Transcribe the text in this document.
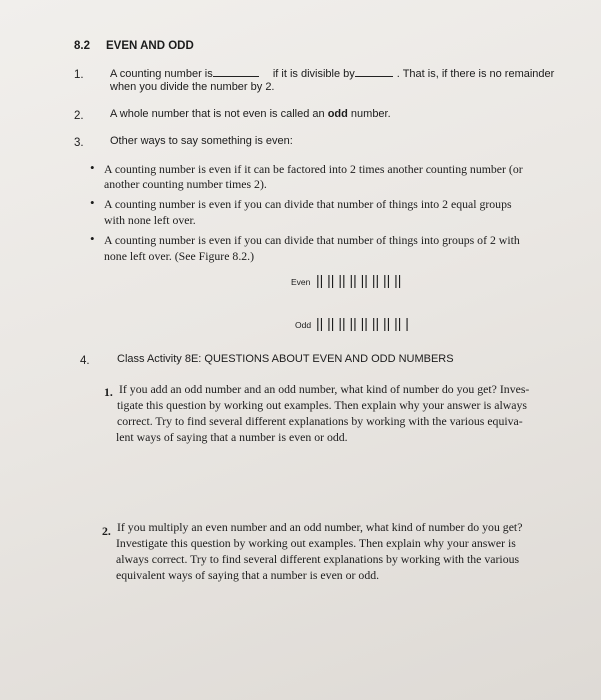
8.2 EVEN AND ODD
1. A counting number is	if it is divisible by	. That is, if there is no remainder
when you divide the number by 2.
2. A whole number that is not even is called an odd number.
3. Other ways to say something is even:
• A counting number is even if it can be factored into 2 times another counting number (or
another counting number times 2).
• A counting number is even if you can divide that number of things into 2 equal groups
with none left over.
• A counting number is even if you can divide that number of things into groups of 2 with
none left over. (See Figure 8.2.)
Even || || || || || || || ||
Odd || || || || || || || || |
4. Class Activity 8E: QUESTIONS ABOUT EVEN AND ODD NUMBERS
1. If you add an odd number and an odd number, what kind of number do you get? Inves-
tigate this question by working out examples. Then explain why your answer is always
correct. Try to find several different explanations by working with the various equiva-
lent ways of saying that a number is even or odd.
2. If you multiply an even number and an odd number, what kind of number do you get?
Investigate this question by working out examples. Then explain why your answer is
always correct. Try to find several different explanations by working with the various
equivalent ways of saying that a number is even or odd.
